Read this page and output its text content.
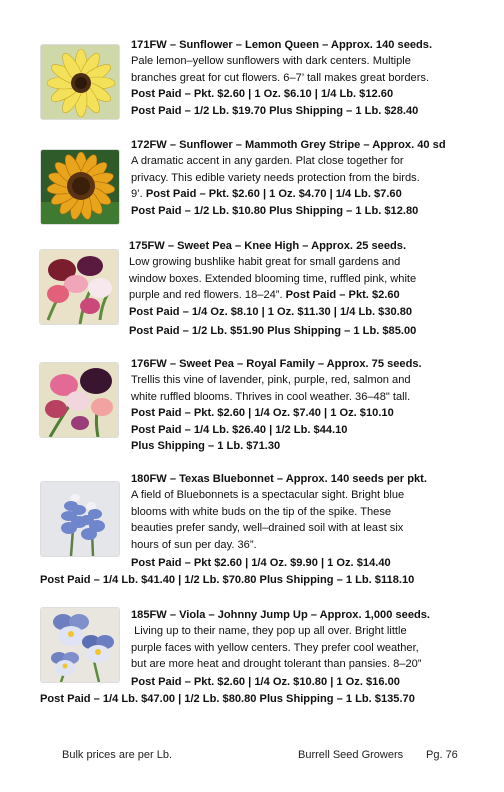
171FW – Sunflower – Lemon Queen – Approx. 140 seeds.
Pale lemon–yellow sunflowers with dark centers. Multiple
branches great for cut flowers. 6–7’ tall makes great borders.
Post Paid – Pkt. $2.60 | 1 Oz. $6.10 | 1/4 Lb. $12.60
Post Paid – 1/2 Lb. $19.70 Plus Shipping – 1 Lb. $28.40
172FW – Sunflower – Mammoth Grey Stripe – Approx. 40 sd
A dramatic accent in any garden. Plat close together for
privacy. This edible variety needs protection from the birds.
9’. Post Paid – Pkt. $2.60 | 1 Oz. $4.70 | 1/4 Lb. $7.60
Post Paid – 1/2 Lb. $10.80 Plus Shipping – 1 Lb. $12.80
175FW – Sweet Pea – Knee High – Approx. 25 seeds.
Low growing bushlike habit great for small gardens and
window boxes. Extended blooming time, ruffled pink, white
purple and red flowers. 18–24”. Post Paid – Pkt. $2.60
Post Paid – 1/4 Oz. $8.10 | 1 Oz. $11.30 | 1/4 Lb. $30.80
Post Paid – 1/2 Lb. $51.90 Plus Shipping – 1 Lb. $85.00
176FW – Sweet Pea – Royal Family – Approx. 75 seeds.
Trellis this vine of lavender, pink, purple, red, salmon and
white ruffled blooms. Thrives in cool weather. 36–48" tall.
Post Paid – Pkt. $2.60 | 1/4 Oz. $7.40 | 1 Oz. $10.10
Post Paid – 1/4 Lb. $26.40 | 1/2 Lb. $44.10
Plus Shipping – 1 Lb. $71.30
180FW – Texas Bluebonnet – Approx. 140 seeds per pkt.
A field of Bluebonnets is a spectacular sight. Bright blue
blooms with white buds on the tip of the spike. These
beauties prefer sandy, well–drained soil with at least six
hours of sun per day. 36”.
Post Paid – Pkt $2.60 | 1/4 Oz. $9.90 | 1 Oz. $14.40
Post Paid – 1/4 Lb. $41.40 | 1/2 Lb. $70.80 Plus Shipping – 1 Lb. $118.10
185FW – Viola – Johnny Jump Up – Approx. 1,000 seeds.
Living up to their name, they pop up all over. Bright little
purple faces with yellow centers. They prefer cool weather,
but are more heat and drought tolerant than pansies. 8–20”
Post Paid – Pkt. $2.60 | 1/4 Oz. $10.80 | 1 Oz. $16.00
Post Paid – 1/4 Lb. $47.00 | 1/2 Lb. $80.80 Plus Shipping – 1 Lb. $135.70
Bulk prices are per Lb.	Burrell Seed Growers Pg. 76
